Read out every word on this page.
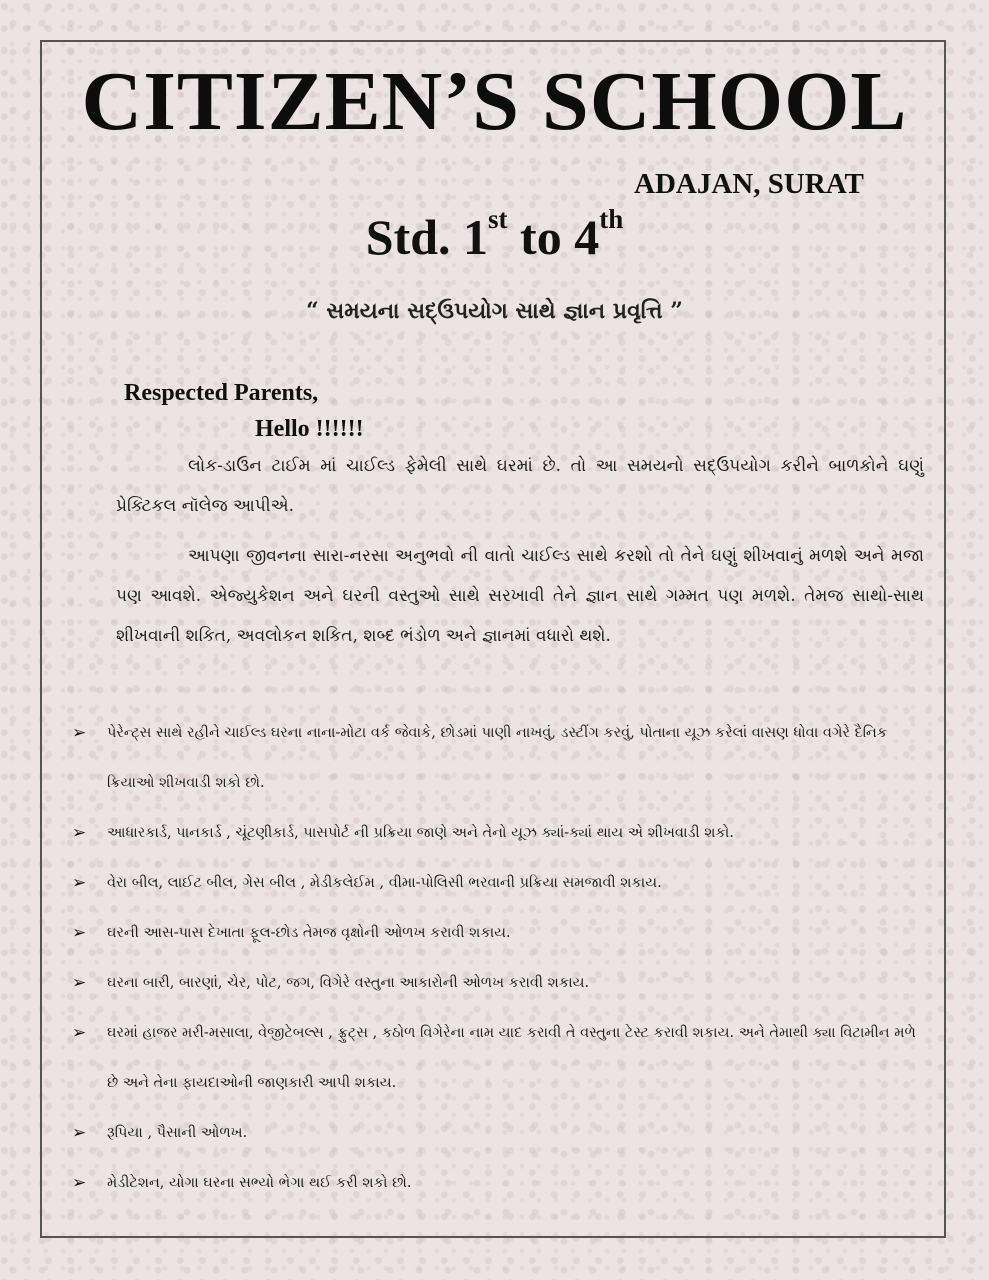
CITIZEN’S SCHOOL
ADAJAN, SURAT
Std. 1st to 4th
“ સમયના સદ્ઉપયોગ સાથે જ્ઞાન પ્રવૃત્તિ ”
Respected Parents,
Hello !!!!!!
લોક-ડાઉન ટાઈમ માં ચાઈલ્ડ ફેમેલી સાથે ઘરમાં છે. તો આ સમયનો સદ્ઉપયોગ કરીને બાળકોને ઘણું પ્રેક્ટિકલ નૉલેજ આપીએ.
આપણા જીવનના સારા-નરસા અનુભવો ની વાતો ચાઈલ્ડ સાથે કરશો તો તેને ઘણું શીખવાનું મળશે અને મજા પણ આવશે. એજ્યુકેશન અને ઘરની વસ્તુઓ સાથે સરખાવી તેને જ્ઞાન સાથે ગમ્મત પણ મળશે. તેમજ સાથો-સાથ શીખવાની શકિત, અવલોકન શકિત, શબ્દ ભંડોળ અને જ્ઞાનમાં વધારો થશે.
➢ પેરેન્ટ્સ સાથે રહીને ચાઈલ્ડ ઘરના નાના-મોટા વર્ક જેવાકે, છોડમાં પાણી નાખવું, ડસ્ટીંગ કરવું, પોતાના યૂઝ કરેલાં વાસણ ધોવા વગેરે દૈનિક ક્રિયાઓ શીખવાડી શકો છો.
➢ આધારકાર્ડ, પાનકાર્ડ , ચૂંટણીકાર્ડ, પાસપોર્ટ ની પ્રક્રિયા જાણે અને તેનો યૂઝ ક્યાં-ક્યાં થાય એ શીખવાડી શકો.
➢ વેરા બીલ, લાઈટ બીલ, ગેસ બીલ , મેડીકલેઈમ , વીમા-પોલિસી ભરવાની પ્રક્રિયા સમજાવી શકાય.
➢ ઘરની આસ-પાસ દેખાતા ફૂલ-છોડ તેમજ વૃક્ષોની ઓળખ કરાવી શકાય.
➢ ઘરના બારી, બારણાં, ચેર, પોટ, જગ, વિગેરે વસ્તુના આકારોની ઓળખ કરાવી શકાય.
➢ ઘરમાં હાજર મરી-મસાલા, વેજીટેબલ્સ , ફ્રુટ્સ , કઠોળ વિગેરેના નામ યાદ કરાવી તે વસ્તુના ટેસ્ટ કરાવી શકાય. અને તેમાથી ક્યા વિટામીન મળે છે અને તેના ફાયદાઓની જાણકારી આપી શકાય.
➢ રૂપિયા , પૈસાની ઓળખ.
➢ મેડીટેશન, યોગા ઘરના સભ્યો ભેગા થઈ કરી શકો છો.
